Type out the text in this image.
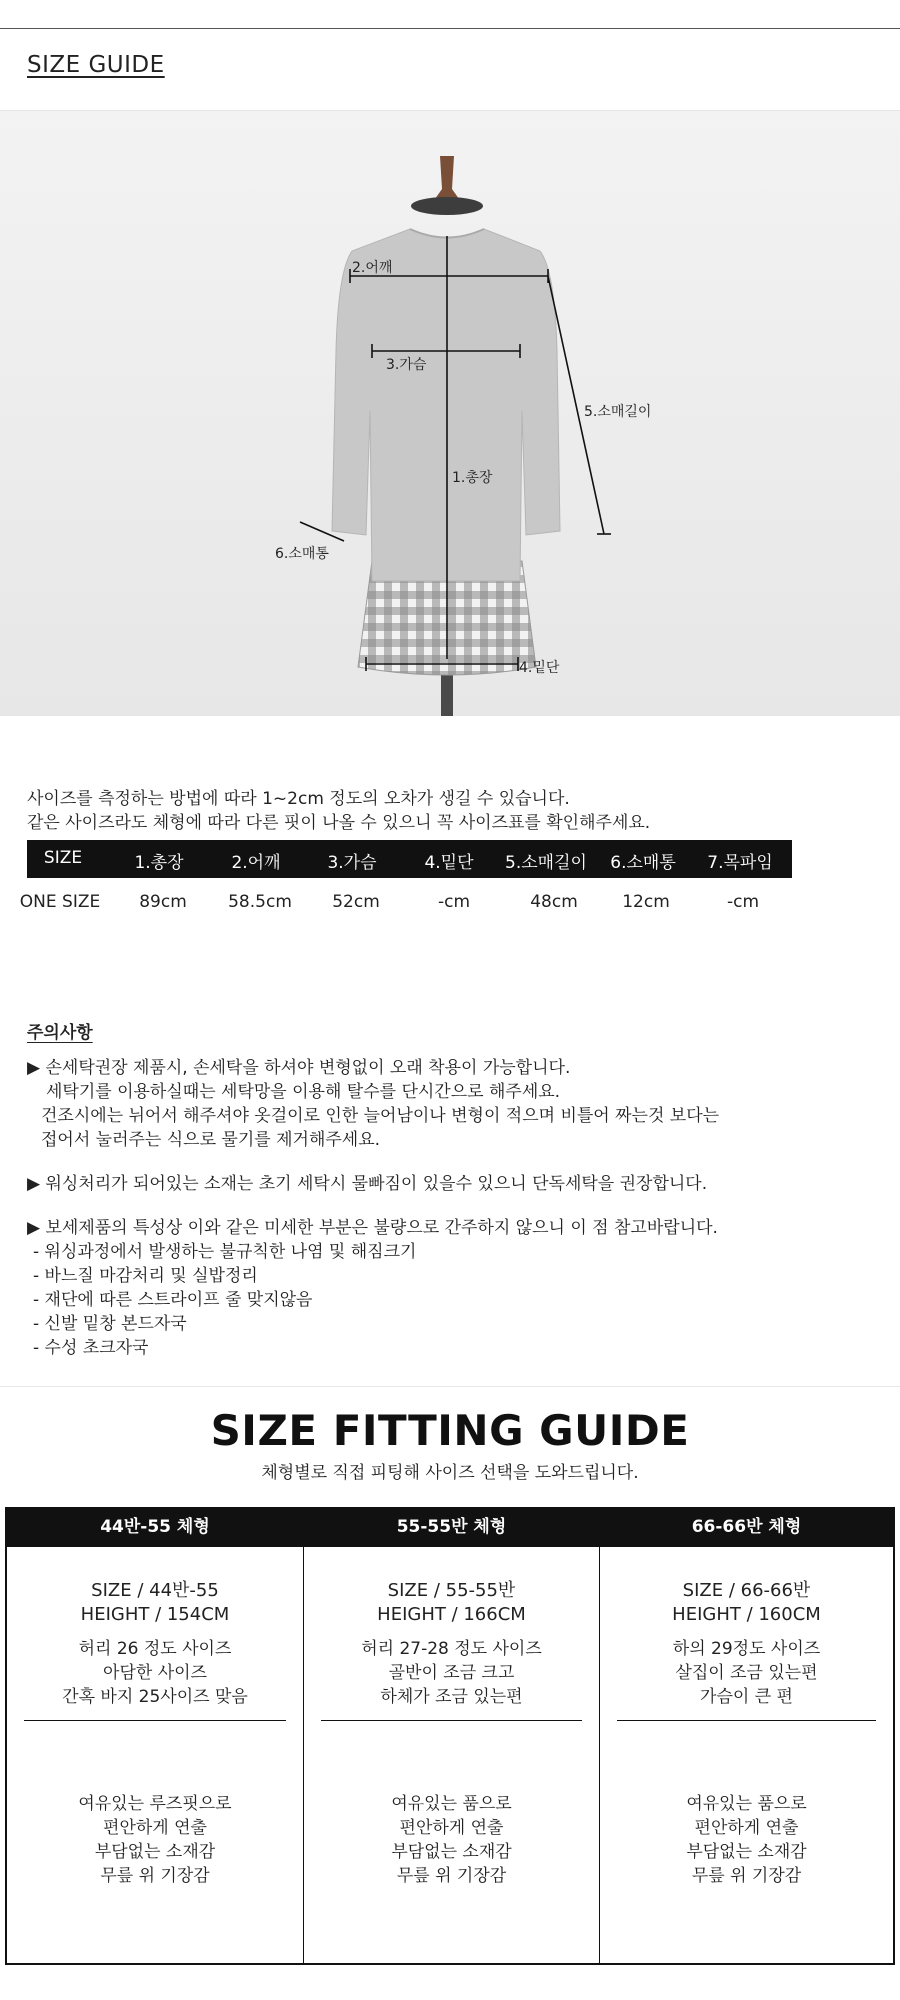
SIZE GUIDE
2.어깨
3.가슴
5.소매길이
1.총장
6.소매통
4.밑단
사이즈를 측정하는 방법에 따라 1~2cm 정도의 오차가 생길 수 있습니다.
같은 사이즈라도 체형에 따라 다른 핏이 나올 수 있으니 꼭 사이즈표를 확인해주세요.
SIZE	1.총장	2.어깨	3.가슴	4.밑단 5.소매길이 6.소매통 7.목파임
ONE SIZE 89cm 58.5cm 52cm	-cm	48cm	12cm	-cm
주의사항
▶ 손세탁권장 제품시, 손세탁을 하셔야 변형없이 오래 착용이 가능합니다.
세탁기를 이용하실때는 세탁망을 이용해 탈수를 단시간으로 해주세요.
건조시에는 뉘어서 해주셔야 옷걸이로 인한 늘어남이나 변형이 적으며 비틀어 짜는것 보다는
접어서 눌러주는 식으로 물기를 제거해주세요.
▶ 워싱처리가 되어있는 소재는 초기 세탁시 물빠짐이 있을수 있으니 단독세탁을 권장합니다.
▶ 보세제품의 특성상 이와 같은 미세한 부분은 불량으로 간주하지 않으니 이 점 참고바랍니다.
- 워싱과정에서 발생하는 불규칙한 나염 및 해짐크기
- 바느질 마감처리 및 실밥정리
- 재단에 따른 스트라이프 줄 맞지않음
- 신발 밑창 본드자국
- 수성 초크자국
SIZE FITTING GUIDE
체형별로 직접 피팅해 사이즈 선택을 도와드립니다.
44반-55 체형
SIZE / 44반-55
HEIGHT / 154CM
허리 26 정도 사이즈
아담한 사이즈
간혹 바지 25사이즈 맞음
여유있는 루즈핏으로
편안하게 연출
부담없는 소재감
무릎 위 기장감
55-55반 체형
SIZE / 55-55반
HEIGHT / 166CM
허리 27-28 정도 사이즈
골반이 조금 크고
하체가 조금 있는편
여유있는 품으로
편안하게 연출
부담없는 소재감
무릎 위 기장감
66-66반 체형
SIZE / 66-66반
HEIGHT / 160CM
하의 29정도 사이즈
살집이 조금 있는편
가슴이 큰 편
여유있는 품으로
편안하게 연출
부담없는 소재감
무릎 위 기장감
